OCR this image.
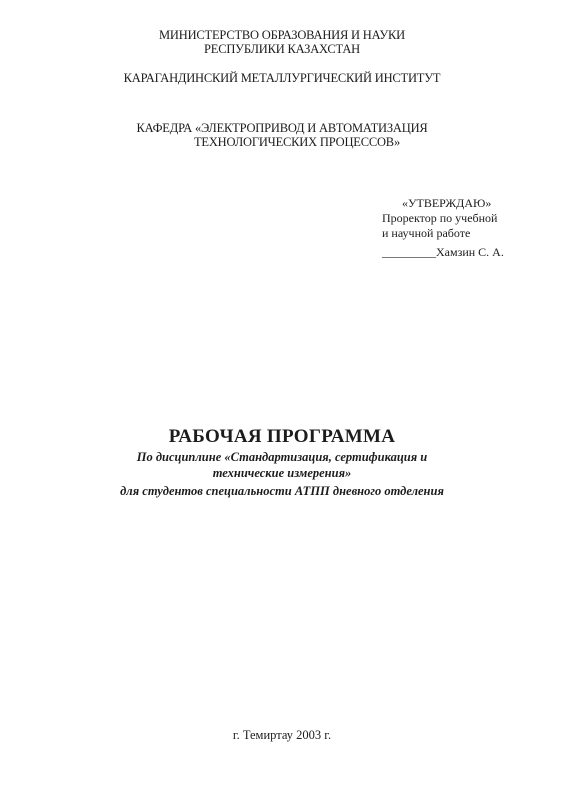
МИНИСТЕРСТВО ОБРАЗОВАНИЯ И НАУКИ
РЕСПУБЛИКИ КАЗАХСТАН
КАРАГАНДИНСКИЙ МЕТАЛЛУРГИЧЕСКИЙ ИНСТИТУТ
КАФЕДРА «ЭЛЕКТРОПРИВОД И АВТОМАТИЗАЦИЯ
ТЕХНОЛОГИЧЕСКИХ ПРОЦЕССОВ»
«УТВЕРЖДАЮ»
Проректор по учебной
и научной работе
_________Хамзин С. А.
РАБОЧАЯ ПРОГРАММА
По дисциплине «Стандартизация, сертификация и
технические измерения»
для студентов специальности АТПП дневного отделения
г. Темиртау 2003 г.
